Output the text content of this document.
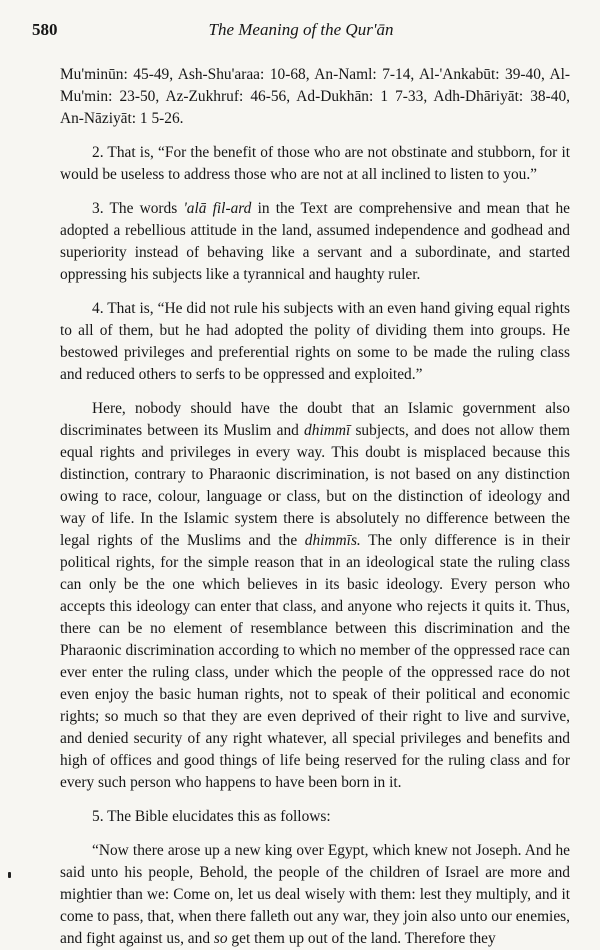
580	The Meaning of the Qur'ān

Mu'minūn: 45-49, Ash-Shu'araa: 10-68, An-Naml: 7-14, Al-'Ankabūt: 39-40, Al-Mu'min: 23-50, Az-Zukhruf: 46-56, Ad-Dukhān: 1 7-33, Adh-Dhāriyāt: 38-40, An-Nāziyāt: 1 5-26.

2. That is, “For the benefit of those who are not obstinate and stubborn, for it would be useless to address those who are not at all inclined to listen to you.”

3. The words 'alā fil-ard in the Text are comprehensive and mean that he adopted a rebellious attitude in the land, assumed independence and godhead and superiority instead of behaving like a servant and a subordinate, and started oppressing his subjects like a tyrannical and haughty ruler.

4. That is, “He did not rule his subjects with an even hand giving equal rights to all of them, but he had adopted the polity of dividing them into groups. He bestowed privileges and preferential rights on some to be made the ruling class and reduced others to serfs to be oppressed and exploited.”

Here, nobody should have the doubt that an Islamic government also discriminates between its Muslim and dhimmī subjects, and does not allow them equal rights and privileges in every way. This doubt is misplaced because this distinction, contrary to Pharaonic discrimination, is not based on any distinction owing to race, colour, language or class, but on the distinction of ideology and way of life. In the Islamic system there is absolutely no difference between the legal rights of the Muslims and the dhimmīs. The only difference is in their political rights, for the simple reason that in an ideological state the ruling class can only be the one which believes in its basic ideology. Every person who accepts this ideology can enter that class, and anyone who rejects it quits it. Thus, there can be no element of resemblance between this discrimination and the Pharaonic discrimination according to which no member of the oppressed race can ever enter the ruling class, under which the people of the oppressed race do not even enjoy the basic human rights, not to speak of their political and economic rights; so much so that they are even deprived of their right to live and survive, and denied security of any right whatever, all special privileges and benefits and high of offices and good things of life being reserved for the ruling class and for every such person who happens to have been born in it.

5. The Bible elucidates this as follows:

“Now there arose up a new king over Egypt, which knew not Joseph. And he said unto his people, Behold, the people of the children of Israel are more and mightier than we: Come on, let us deal wisely with them: lest they multiply, and it come to pass, that, when there falleth out any war, they join also unto our enemies, and fight against us, and so get them up out of the land. Therefore they
